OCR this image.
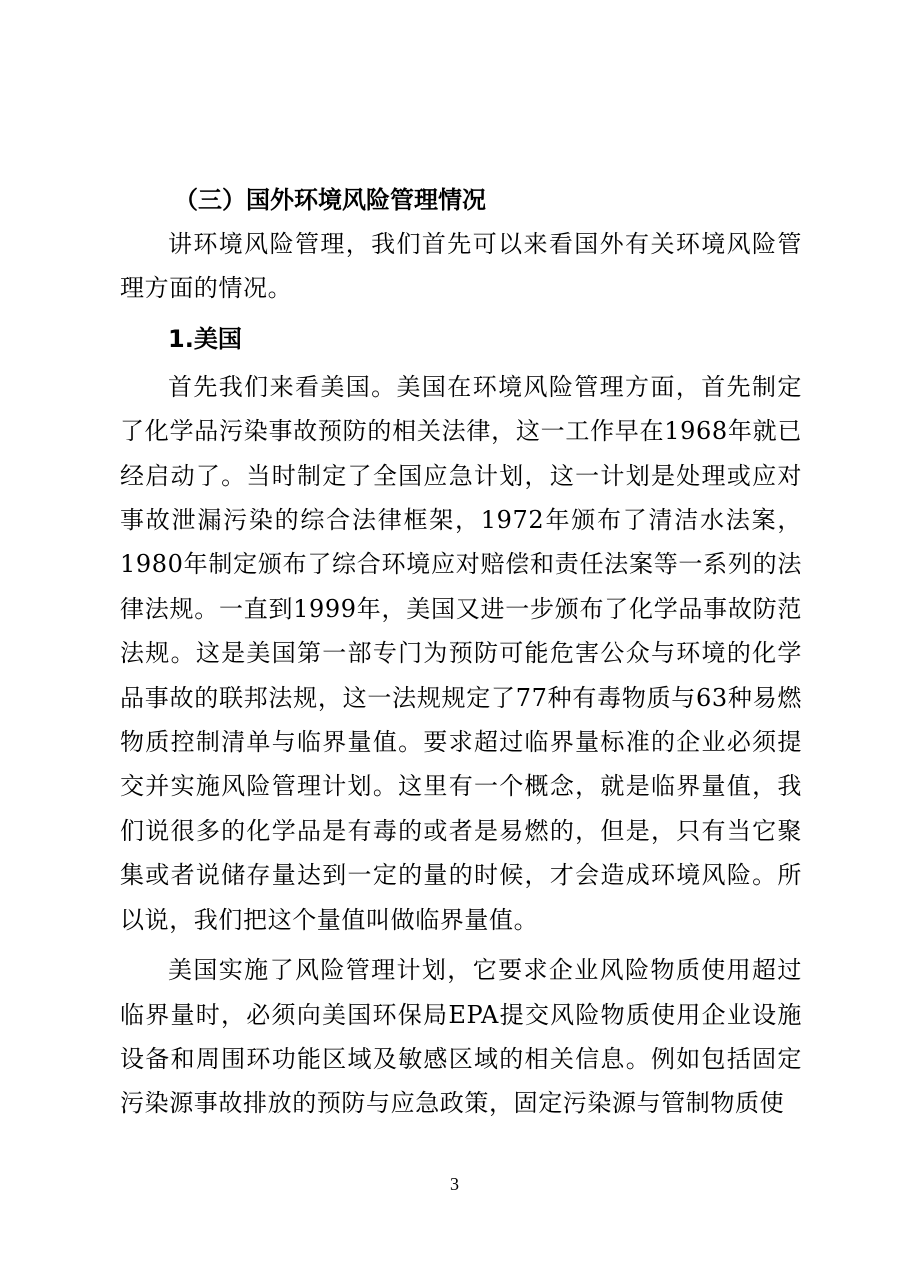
（三）国外环境风险管理情况
讲环境风险管理，我们首先可以来看国外有关环境风险管理方面的情况。
1.美国
首先我们来看美国。美国在环境风险管理方面，首先制定了化学品污染事故预防的相关法律，这一工作早在1968年就已经启动了。当时制定了全国应急计划，这一计划是处理或应对事故泄漏污染的综合法律框架，1972年颁布了清洁水法案，1980年制定颁布了综合环境应对赔偿和责任法案等一系列的法律法规。一直到1999年，美国又进一步颁布了化学品事故防范法规。这是美国第一部专门为预防可能危害公众与环境的化学品事故的联邦法规，这一法规规定了77种有毒物质与63种易燃物质控制清单与临界量值。要求超过临界量标准的企业必须提交并实施风险管理计划。这里有一个概念，就是临界量值，我们说很多的化学品是有毒的或者是易燃的，但是，只有当它聚集或者说储存量达到一定的量的时候，才会造成环境风险。所以说，我们把这个量值叫做临界量值。
美国实施了风险管理计划，它要求企业风险物质使用超过临界量时，必须向美国环保局EPA提交风险物质使用企业设施设备和周围环功能区域及敏感区域的相关信息。例如包括固定污染源事故排放的预防与应急政策，固定污染源与管制物质使
3
